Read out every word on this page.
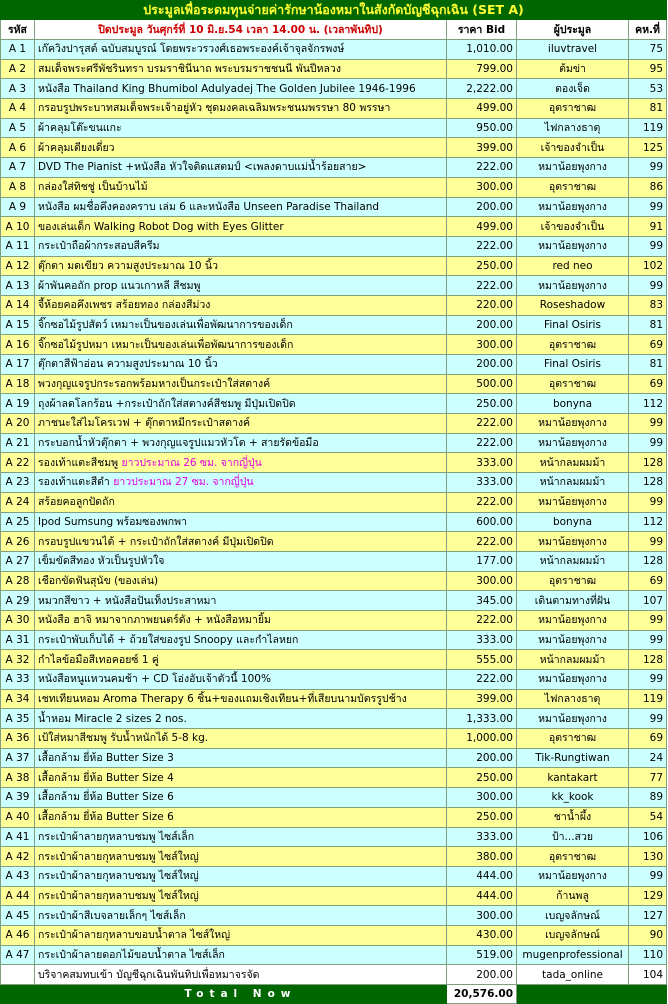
ประมูลเพื่อระดมทุนจ่ายค่ารักษาน้องหมาในสังกัดบัญชีฉุกเฉิน (SET A)				
รหัส	ปิดประมูล วันศุกร์ที่ 10 มิ.ย.54 เวลา 14.00 น. (เวลาพันทิป)	ราคา Bid	ผู้ประมูล	คห.ที่
A 1	เก๊ควิงปารุสต์ ฉบับสมบูรณ์ โดยพระวรวงศ์เธอพระองค์เจ้าจุลจักรพงษ์	1,010.00	iluvtravel	75
A 2	สมเด็จพระศรีพัชรินทรา บรมราชินีนาถ พระบรมราชชนนี พันปีหลวง	799.00	ต้มข่า	95
A 3	หนังสือ Thailand King Bhumibol Adulyadej The Golden Jubilee 1946-1996	2,222.00	ตองเจ็ด	53
A 4	กรอบรูปพระบาทสมเด็จพระเจ้าอยู่หัว ชุดมงคลเฉลิมพระชนมพรรษา 80 พรรษา	499.00	อุตราชาฒ	81
A 5	ผ้าคลุมโต๊ะขนแกะ	950.00	ไฟกลางธาตุ	119
A 6	ผ้าคลุมเตียงเดี่ยว	399.00	เจ้าของจำเป็น	125
A 7	DVD The Pianist +หนังสือ หัวใจติดแสตมป์ <เพลงดาบแม่น้ำร้อยสาย>	222.00	หมาน้อยพุงกาง	99
A 8	กล่องใส่ทิชชู่ เป็นบ้านไม้	300.00	อุตราชาฒ	86
A 9	หนังสือ ผมชื่อคึงคองคราบ เล่ม 6 และหนังสือ Unseen Paradise Thailand	200.00	หมาน้อยพุงกาง	99
A 10	ของเล่นเด็ก Walking Robot Dog with Eyes Glitter	499.00	เจ้าของจำเป็น	91
A 11	กระเป๋าถือผ้ากระสอบสีครีม	222.00	หมาน้อยพุงกาง	99
A 12	ตุ๊กตา มดเขียว ความสูงประมาณ 10 นิ้ว	250.00	red neo	102
A 13	ผ้าพันคอถัก prop แนวเกาหลี สีชมพู	222.00	หมาน้อยพุงกาง	99
A 14	จี้ห้อยคอคึงเพชร สร้อยทอง กล่องสีม่วง	220.00	Roseshadow	83
A 15	จิ๊กซอไม้รูปสัตว์ เหมาะเป็นของเล่นเพื่อพัฒนาการของเด็ก	200.00	Final Osiris	81
A 16	จิ๊กซอไม้รูปหมา เหมาะเป็นของเล่นเพื่อพัฒนาการของเด็ก	300.00	อุตราชาฒ	69
A 17	ตุ๊กตาสีฟ้าอ่อน ความสูงประมาณ 10 นิ้ว	200.00	Final Osiris	81
A 18	พวงกุญแจรูปกระรอกพร้อมหางเป็นกระเป๋าใส่สตางค์	500.00	อุตราชาฒ	69
A 19	ถุงผ้าลดโลกร้อน +กระเป๋าถักใส่สตางค์สีชมพู มีปุ่มเปิดปิด	250.00	bonyna	112
A 20	ภาชนะใส่ไมโครเวฟ + ตุ๊กตาหมีกระเป๋าสตางค์	222.00	หมาน้อยพุงกาง	99
A 21	กระบอกน้ำหัวตุ๊กตา + พวงกุญแจรูปแมวหัวโต + สายรัดข้อมือ	222.00	หมาน้อยพุงกาง	99
A 22	รองเท้าแตะสีชมพู ยาวประมาณ 26 ซม. จากญี่ปุ่น	333.00	หน้ากลมผมม้า	128
A 23	รองเท้าแตะสีดำ ยาวประมาณ 27 ซม. จากญี่ปุ่น	333.00	หน้ากลมผมม้า	128
A 24	สร้อยคอลูกปัดถัก	222.00	หมาน้อยพุงกาง	99
A 25	Ipod Sumsung พร้อมซองพกพา	600.00	bonyna	112
A 26	กรอบรูปแขวนได้ + กระเป๋าถักใส่สตางค์ มีปุ่มเปิดปิด	222.00	หมาน้อยพุงกาง	99
A 27	เข็มขัดสีทอง หัวเป็นรูปหัวใจ	177.00	หน้ากลมผมม้า	128
A 28	เชือกขัดฟันสุนัข (ของเล่น)	300.00	อุตราชาฒ	69
A 29	หมวกสีขาว + หนังสือปันเท็งประสาหมา	345.00	เดินตามทางที่ฝัน	107
A 30	หนังสือ ฮาจิ หมาจากภาพยนตร์ดัง + หนังสือหมายิ้ม	222.00	หมาน้อยพุงกาง	99
A 31	กระเป๋าพับเก็บได้ + ถ้วยใส่ของรูป Snoopy และกำไลหยก	333.00	หมาน้อยพุงกาง	99
A 32	กำไลข้อมือสีเทอคอยซ์ 1 คู่	555.00	หน้ากลมผมม้า	128
A 33	หนังสือหนูแหวนคมช้า + CD โอ่งอับเจ้าตัวนี้ 100%	222.00	หมาน้อยพุงกาง	99
A 34	เชทเทียนหอม Aroma Therapy 6 ชิ้น+ของแถมเชิงเทียน+ที่เสียบนามบัตรรูปช้าง	399.00	ไฟกลางธาตุ	119
A 35	น้ำหอม Miracle 2 sizes 2 nos.	1,333.00	หมาน้อยพุงกาง	99
A 36	เป้ใส่หมาสีชมพู รับน้ำหนักได้ 5-8 kg.	1,000.00	อุตราชาฒ	69
A 37	เสื้อกล้าม ยี่ห้อ Butter Size 3	200.00	Tik-Rungtiwan	24
A 38	เสื้อกล้าม ยี่ห้อ Butter Size 4	250.00	kantakart	77
A 39	เสื้อกล้าม ยี่ห้อ Butter Size 6	300.00	kk_kook	89
A 40	เสื้อกล้าม ยี่ห้อ Butter Size 6	250.00	ชาน้ำผึ้ง	54
A 41	กระเป๋าผ้าลายกุหลาบชมพู ไซส์เล็ก	333.00	ป้า...สวย	106
A 42	กระเป๋าผ้าลายกุหลาบชมพู ไซส์ใหญ่	380.00	อุตราชาฒ	130
A 43	กระเป๋าผ้าลายกุหลาบชมพู ไซส์ใหญ่	444.00	หมาน้อยพุงกาง	99
A 44	กระเป๋าผ้าลายกุหลาบชมพู ไซส์ใหญ่	444.00	ก้านพลู	129
A 45	กระเป๋าผ้าสีเบจลายเล็กๆ ไซส์เล็ก	300.00	เบญจลักษณ์	127
A 46	กระเป๋าผ้าลายกุหลาบขอบน้ำตาล ไซส์ใหญ่	430.00	เบญจลักษณ์	90
A 47	กระเป๋าผ้าลายดอกไม้ขอบน้ำตาล ไซส์เล็ก	519.00	mugenprofessional	110
	บริจาคสมทบเข้า บัญชีฉุกเฉินพันทิปเพื่อหมาจรจัด	200.00	tada_online	104
	Total Now	20,576.00		
